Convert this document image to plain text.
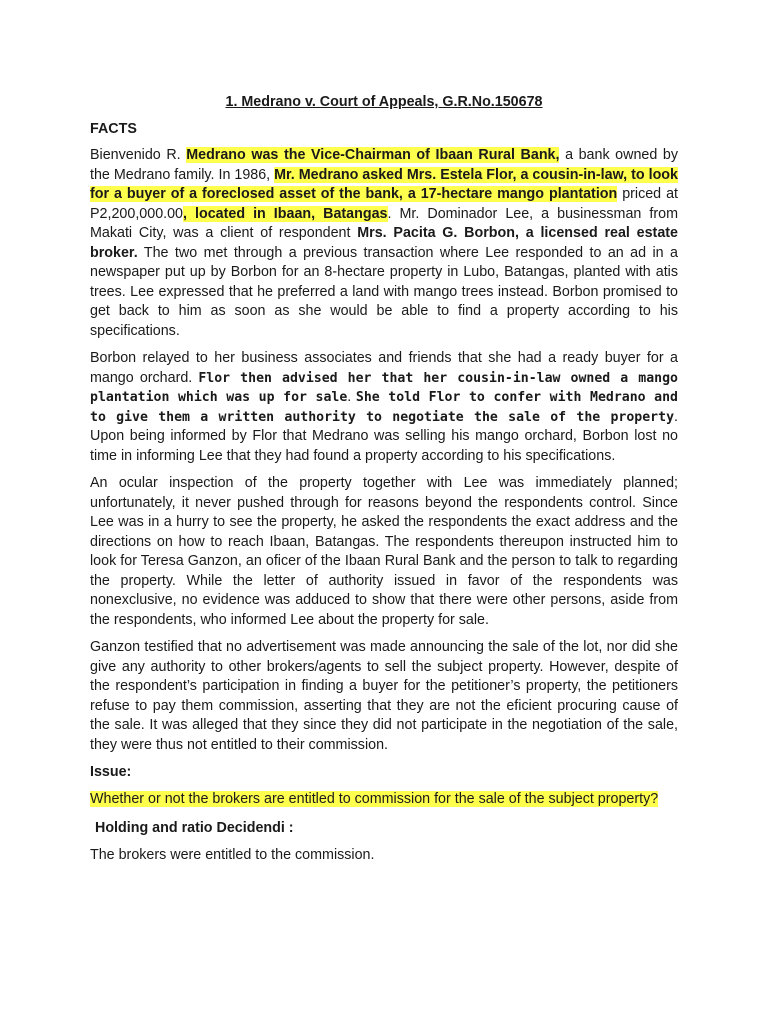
1. Medrano v. Court of Appeals, G.R.No.150678
FACTS

Bienvenido R. Medrano was the Vice-Chairman of Ibaan Rural Bank, a bank owned by the Medrano family. In 1986, Mr. Medrano asked Mrs. Estela Flor, a cousin-in-law, to look for a buyer of a foreclosed asset of the bank, a 17-hectare mango plantation priced at P2,200,000.00, located in Ibaan, Batangas. Mr. Dominador Lee, a businessman from Makati City, was a client of respondent Mrs. Pacita G. Borbon, a licensed real estate broker. The two met through a previous transaction where Lee responded to an ad in a newspaper put up by Borbon for an 8-hectare property in Lubo, Batangas, planted with atis trees. Lee expressed that he preferred a land with mango trees instead. Borbon promised to get back to him as soon as she would be able to find a property according to his specifications.

Borbon relayed to her business associates and friends that she had a ready buyer for a mango orchard. Flor then advised her that her cousin-in-law owned a mango plantation which was up for sale. She told Flor to confer with Medrano and to give them a written authority to negotiate the sale of the property. Upon being informed by Flor that Medrano was selling his mango orchard, Borbon lost no time in informing Lee that they had found a property according to his specifications.

An ocular inspection of the property together with Lee was immediately planned; unfortunately, it never pushed through for reasons beyond the respondents control. Since Lee was in a hurry to see the property, he asked the respondents the exact address and the directions on how to reach Ibaan, Batangas. The respondents thereupon instructed him to look for Teresa Ganzon, an oficer of the Ibaan Rural Bank and the person to talk to regarding the property. While the letter of authority issued in favor of the respondents was nonexclusive, no evidence was adduced to show that there were other persons, aside from the respondents, who informed Lee about the property for sale.

Ganzon testified that no advertisement was made announcing the sale of the lot, nor did she give any authority to other brokers/agents to sell the subject property. However, despite of the respondent’s participation in finding a buyer for the petitioner’s property, the petitioners refuse to pay them commission, asserting that they are not the eficient procuring cause of the sale. It was alleged that they since they did not participate in the negotiation of the sale, they were thus not entitled to their commission.

Issue:

Whether or not the brokers are entitled to commission for the sale of the subject property?

Holding and ratio Decidendi :

The brokers were entitled to the commission.
